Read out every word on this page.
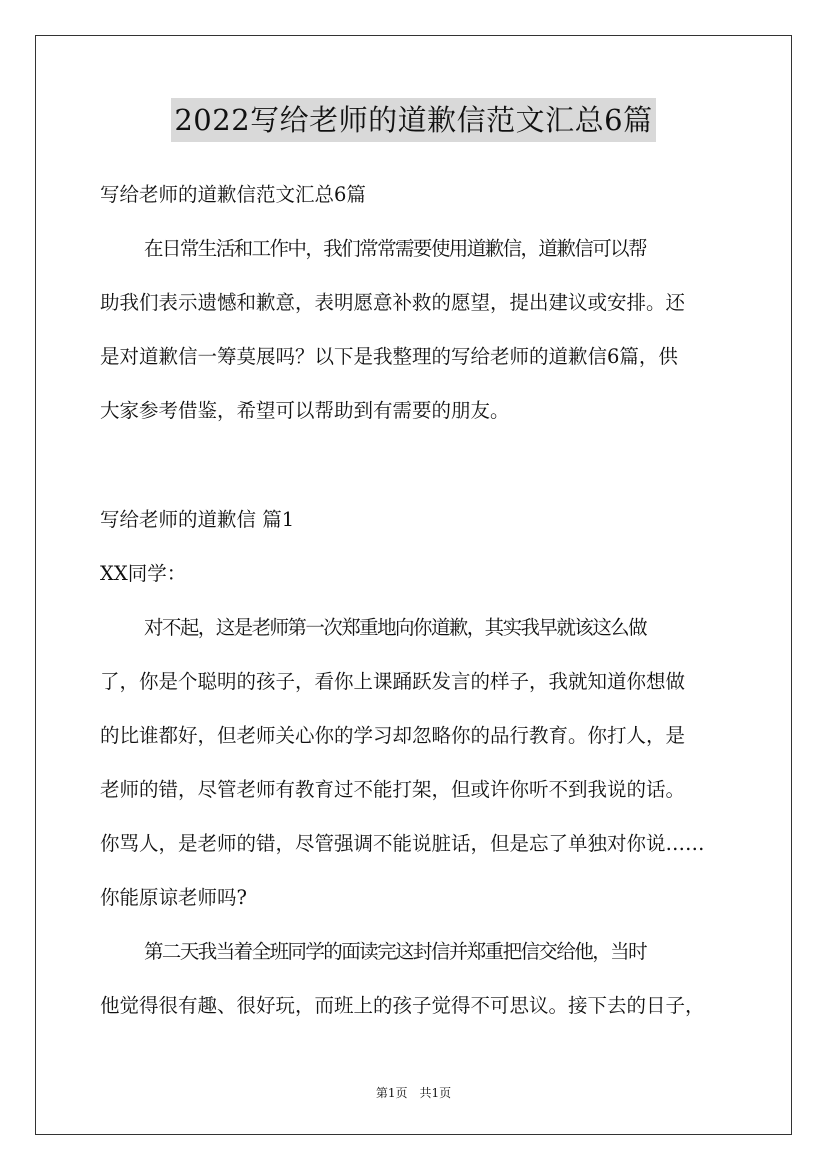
2022写给老师的道歉信范文汇总6篇
写给老师的道歉信范文汇总6篇
在日常生活和工作中，我们常常需要使用道歉信，道歉信可以帮
助我们表示遗憾和歉意，表明愿意补救的愿望，提出建议或安排。还
是对道歉信一筹莫展吗？以下是我整理的写给老师的道歉信6篇，供
大家参考借鉴，希望可以帮助到有需要的朋友。
写给老师的道歉信 篇1
XX同学：
对不起，这是老师第一次郑重地向你道歉，其实我早就该这么做
了，你是个聪明的孩子，看你上课踊跃发言的样子，我就知道你想做
的比谁都好，但老师关心你的学习却忽略你的品行教育。你打人，是
老师的错，尽管老师有教育过不能打架，但或许你听不到我说的话。
你骂人，是老师的错，尽管强调不能说脏话，但是忘了单独对你说……
你能原谅老师吗?
第二天我当着全班同学的面读完这封信并郑重把信交给他，当时
他觉得很有趣、很好玩，而班上的孩子觉得不可思议。接下去的日子，
第1页 共1页
